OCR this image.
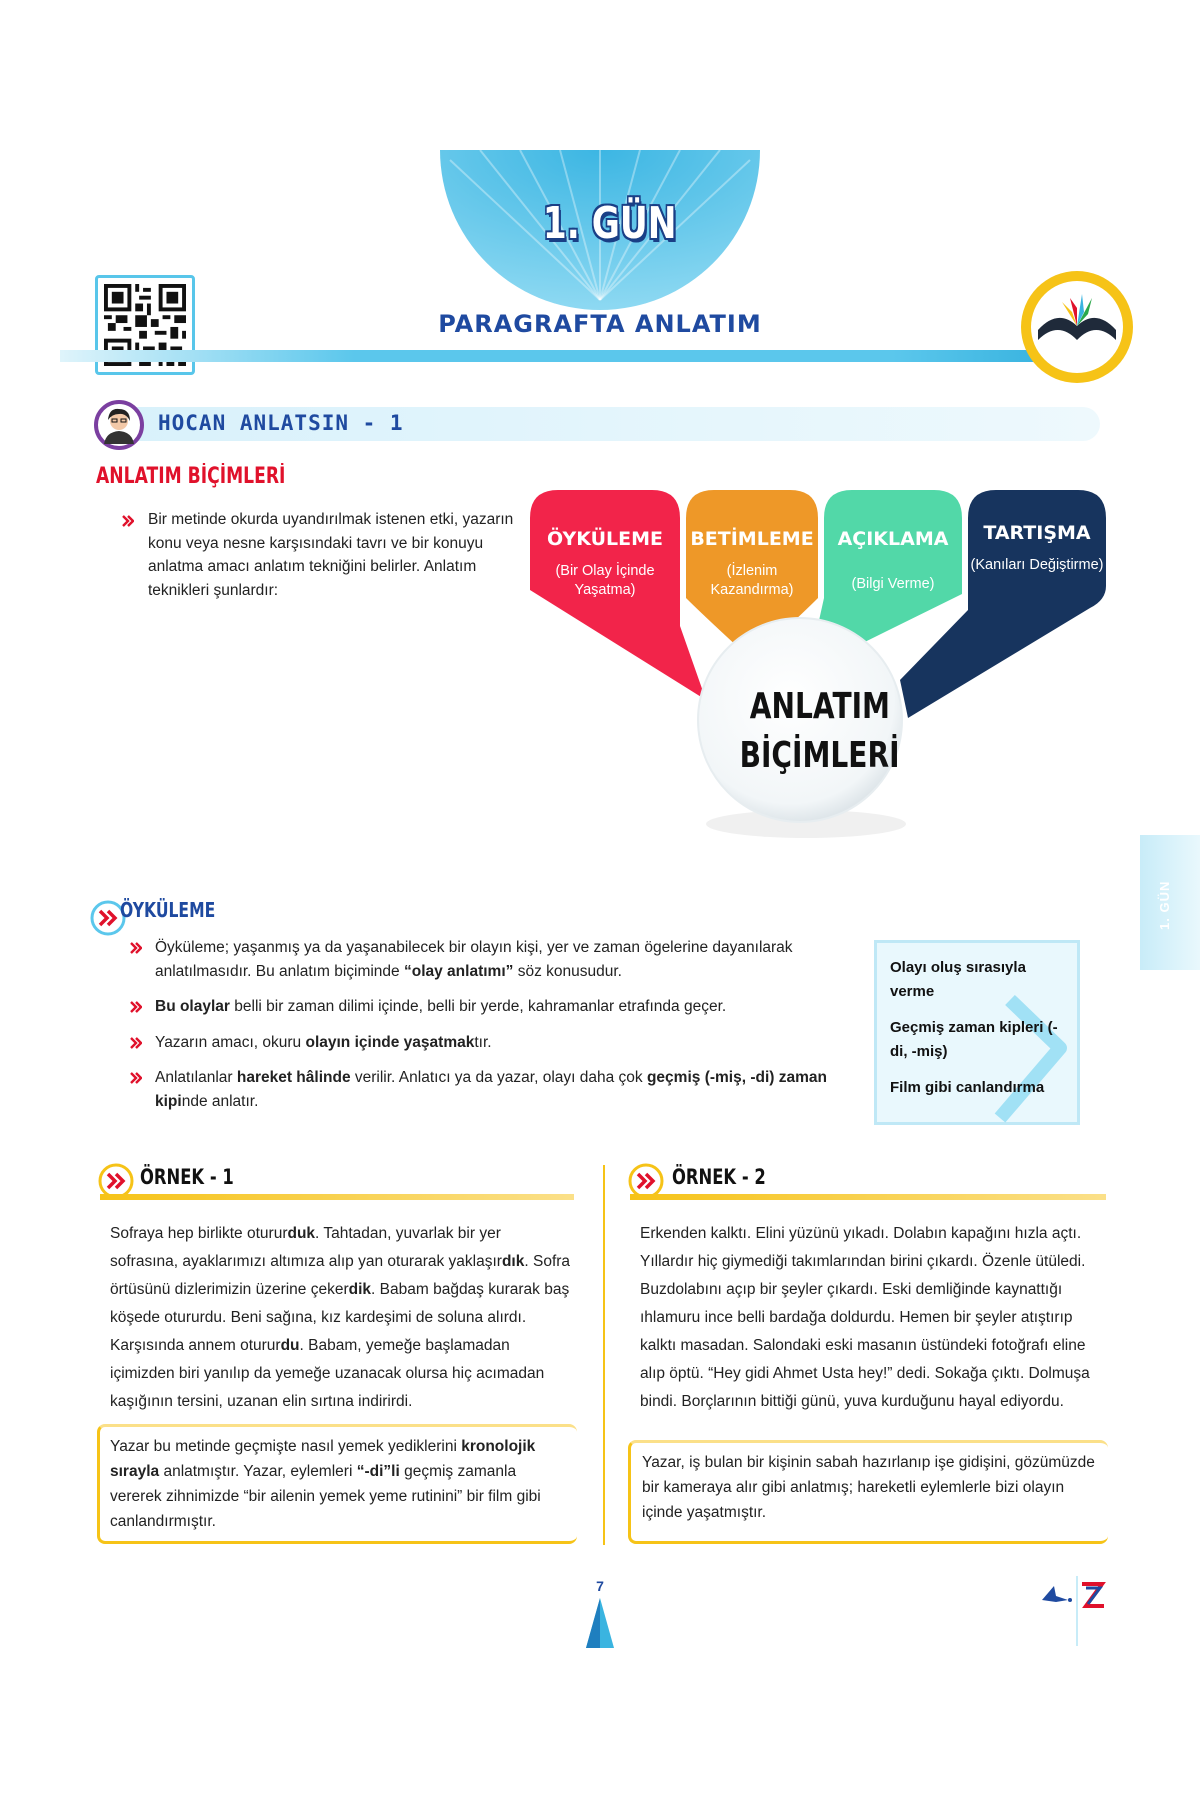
1. GÜN
PARAGRAFTA ANLATIM
HOCAN ANLATSIN - 1
ANLATIM BİÇİMLERİ
Bir metinde okurda uyandırılmak istenen etki, yazarın konu veya nesne karşısındaki tavrı ve bir konuyu anlatma amacı anlatım tekniğini belirler. Anlatım teknikleri şunlardır:
ÖYKÜLEME
(Bir Olay İçinde Yaşatma)
BETİMLEME
(İzlenim Kazandırma)
AÇIKLAMA
(Bilgi Verme)
TARTIŞMA
(Kanıları Değiştirme)
ANLATIM
BİÇİMLERİ
1. GÜN
ÖYKÜLEME
Öyküleme; yaşanmış ya da yaşanabilecek bir olayın kişi, yer ve zaman ögelerine dayanılarak anlatılmasıdır. Bu anlatım biçiminde “olay anlatımı” söz konusudur.
Bu olaylar belli bir zaman dilimi içinde, belli bir yerde, kahramanlar etrafında geçer.
Yazarın amacı, okuru olayın içinde yaşatmaktır.
Anlatılanlar hareket hâlinde verilir. Anlatıcı ya da yazar, olayı daha çok geçmiş (-miş, -di) zaman kipinde anlatır.

Olayı oluş sırasıyla verme

Geçmiş zaman kipleri (-di, -miş)

Film gibi canlandırma

ÖRNEK - 1
Sofraya hep birlikte otururduk. Tahtadan, yuvarlak bir yer sofrasına, ayaklarımızı altımıza alıp yan oturarak yaklaşırdık. Sofra örtüsünü dizlerimizin üzerine çekerdik. Babam bağdaş kurarak baş köşede otururdu. Beni sağına, kız kardeşimi de soluna alırdı. Karşısında annem otururdu. Babam, yemeğe başlamadan içimizden biri yanılıp da yemeğe uzanacak olursa hiç acımadan kaşığının tersini, uzanan elin sırtına indirirdi.
Yazar bu metinde geçmişte nasıl yemek yediklerini kronolojik sırayla anlatmıştır. Yazar, eylemleri “-di”li geçmiş zamanla vererek zihnimizde “bir ailenin yemek yeme rutinini” bir film gibi canlandırmıştır.
ÖRNEK - 2
Erkenden kalktı. Elini yüzünü yıkadı. Dolabın kapağını hızla açtı. Yıllardır hiç giymediği takımlarından birini çıkardı. Özenle ütüledi. Buzdolabını açıp bir şeyler çıkardı. Eski demliğinde kaynattığı ıhlamuru ince belli bardağa doldurdu. Hemen bir şeyler atıştırıp kalktı masadan. Salondaki eski masanın üstündeki fotoğrafı eline alıp öptü. “Hey gidi Ahmet Usta hey!” dedi. Sokağa çıktı. Dolmuşa bindi. Borçlarının bittiği günü, yuva kurduğunu hayal ediyordu.
Yazar, iş bulan bir kişinin sabah hazırlanıp işe gidişini, gözümüzde bir kameraya alır gibi anlatmış; hareketli eylemlerle bizi olayın içinde yaşatmıştır.
7
